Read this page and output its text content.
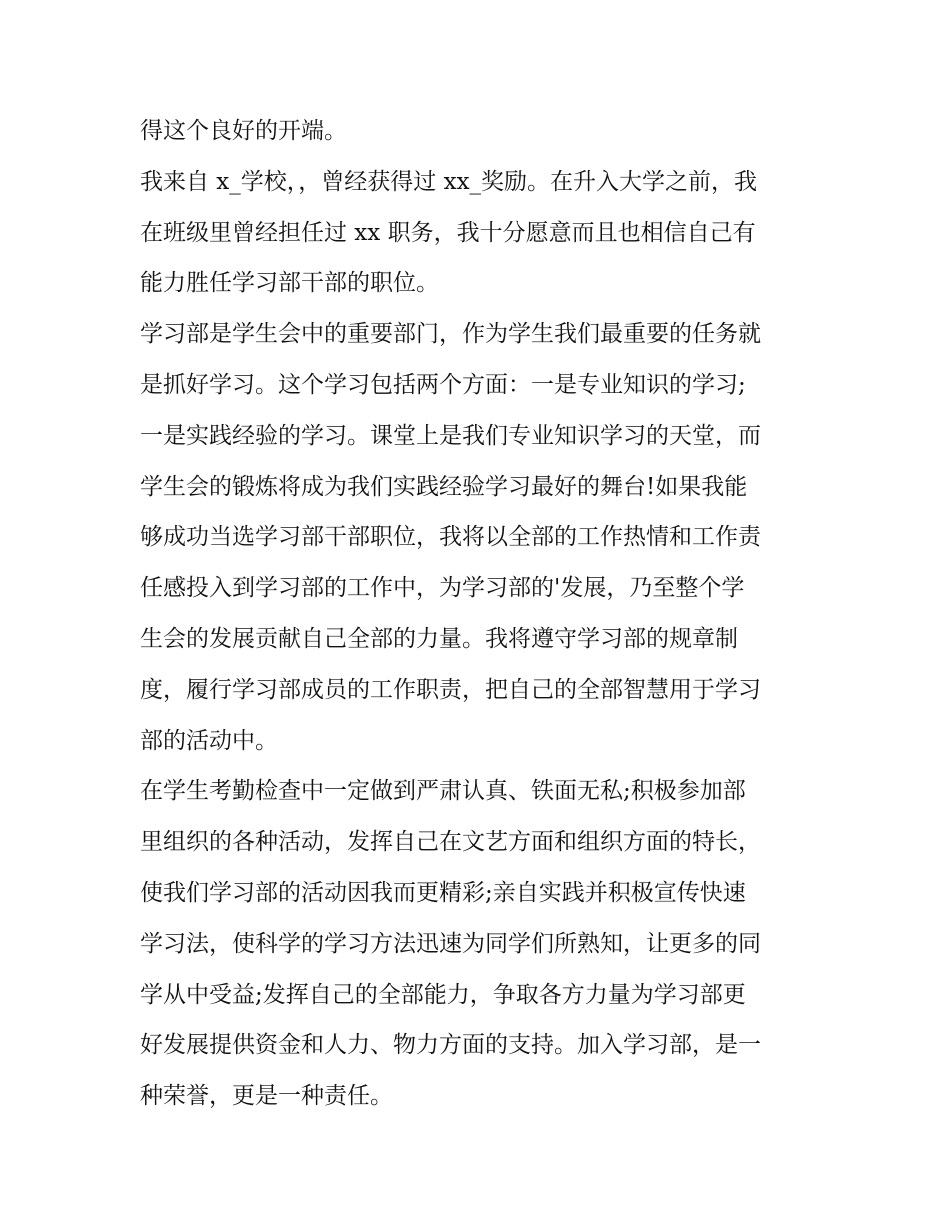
得这个良好的开端。
我来自 x_学校，，曾经获得过 xx_奖励。在升入大学之前，我
在班级里曾经担任过 xx 职务，我十分愿意而且也相信自己有
能力胜任学习部干部的职位。
学习部是学生会中的重要部门，作为学生我们最重要的任务就
是抓好学习。这个学习包括两个方面：一是专业知识的学习;
一是实践经验的学习。课堂上是我们专业知识学习的天堂，而
学生会的锻炼将成为我们实践经验学习最好的舞台!如果我能
够成功当选学习部干部职位，我将以全部的工作热情和工作责
任感投入到学习部的工作中，为学习部的'发展，乃至整个学
生会的发展贡献自己全部的力量。我将遵守学习部的规章制
度，履行学习部成员的工作职责，把自己的全部智慧用于学习
部的活动中。
在学生考勤检查中一定做到严肃认真、铁面无私;积极参加部
里组织的各种活动，发挥自己在文艺方面和组织方面的特长，
使我们学习部的活动因我而更精彩;亲自实践并积极宣传快速
学习法，使科学的学习方法迅速为同学们所熟知，让更多的同
学从中受益;发挥自己的全部能力，争取各方力量为学习部更
好发展提供资金和人力、物力方面的支持。加入学习部，是一
种荣誉，更是一种责任。
